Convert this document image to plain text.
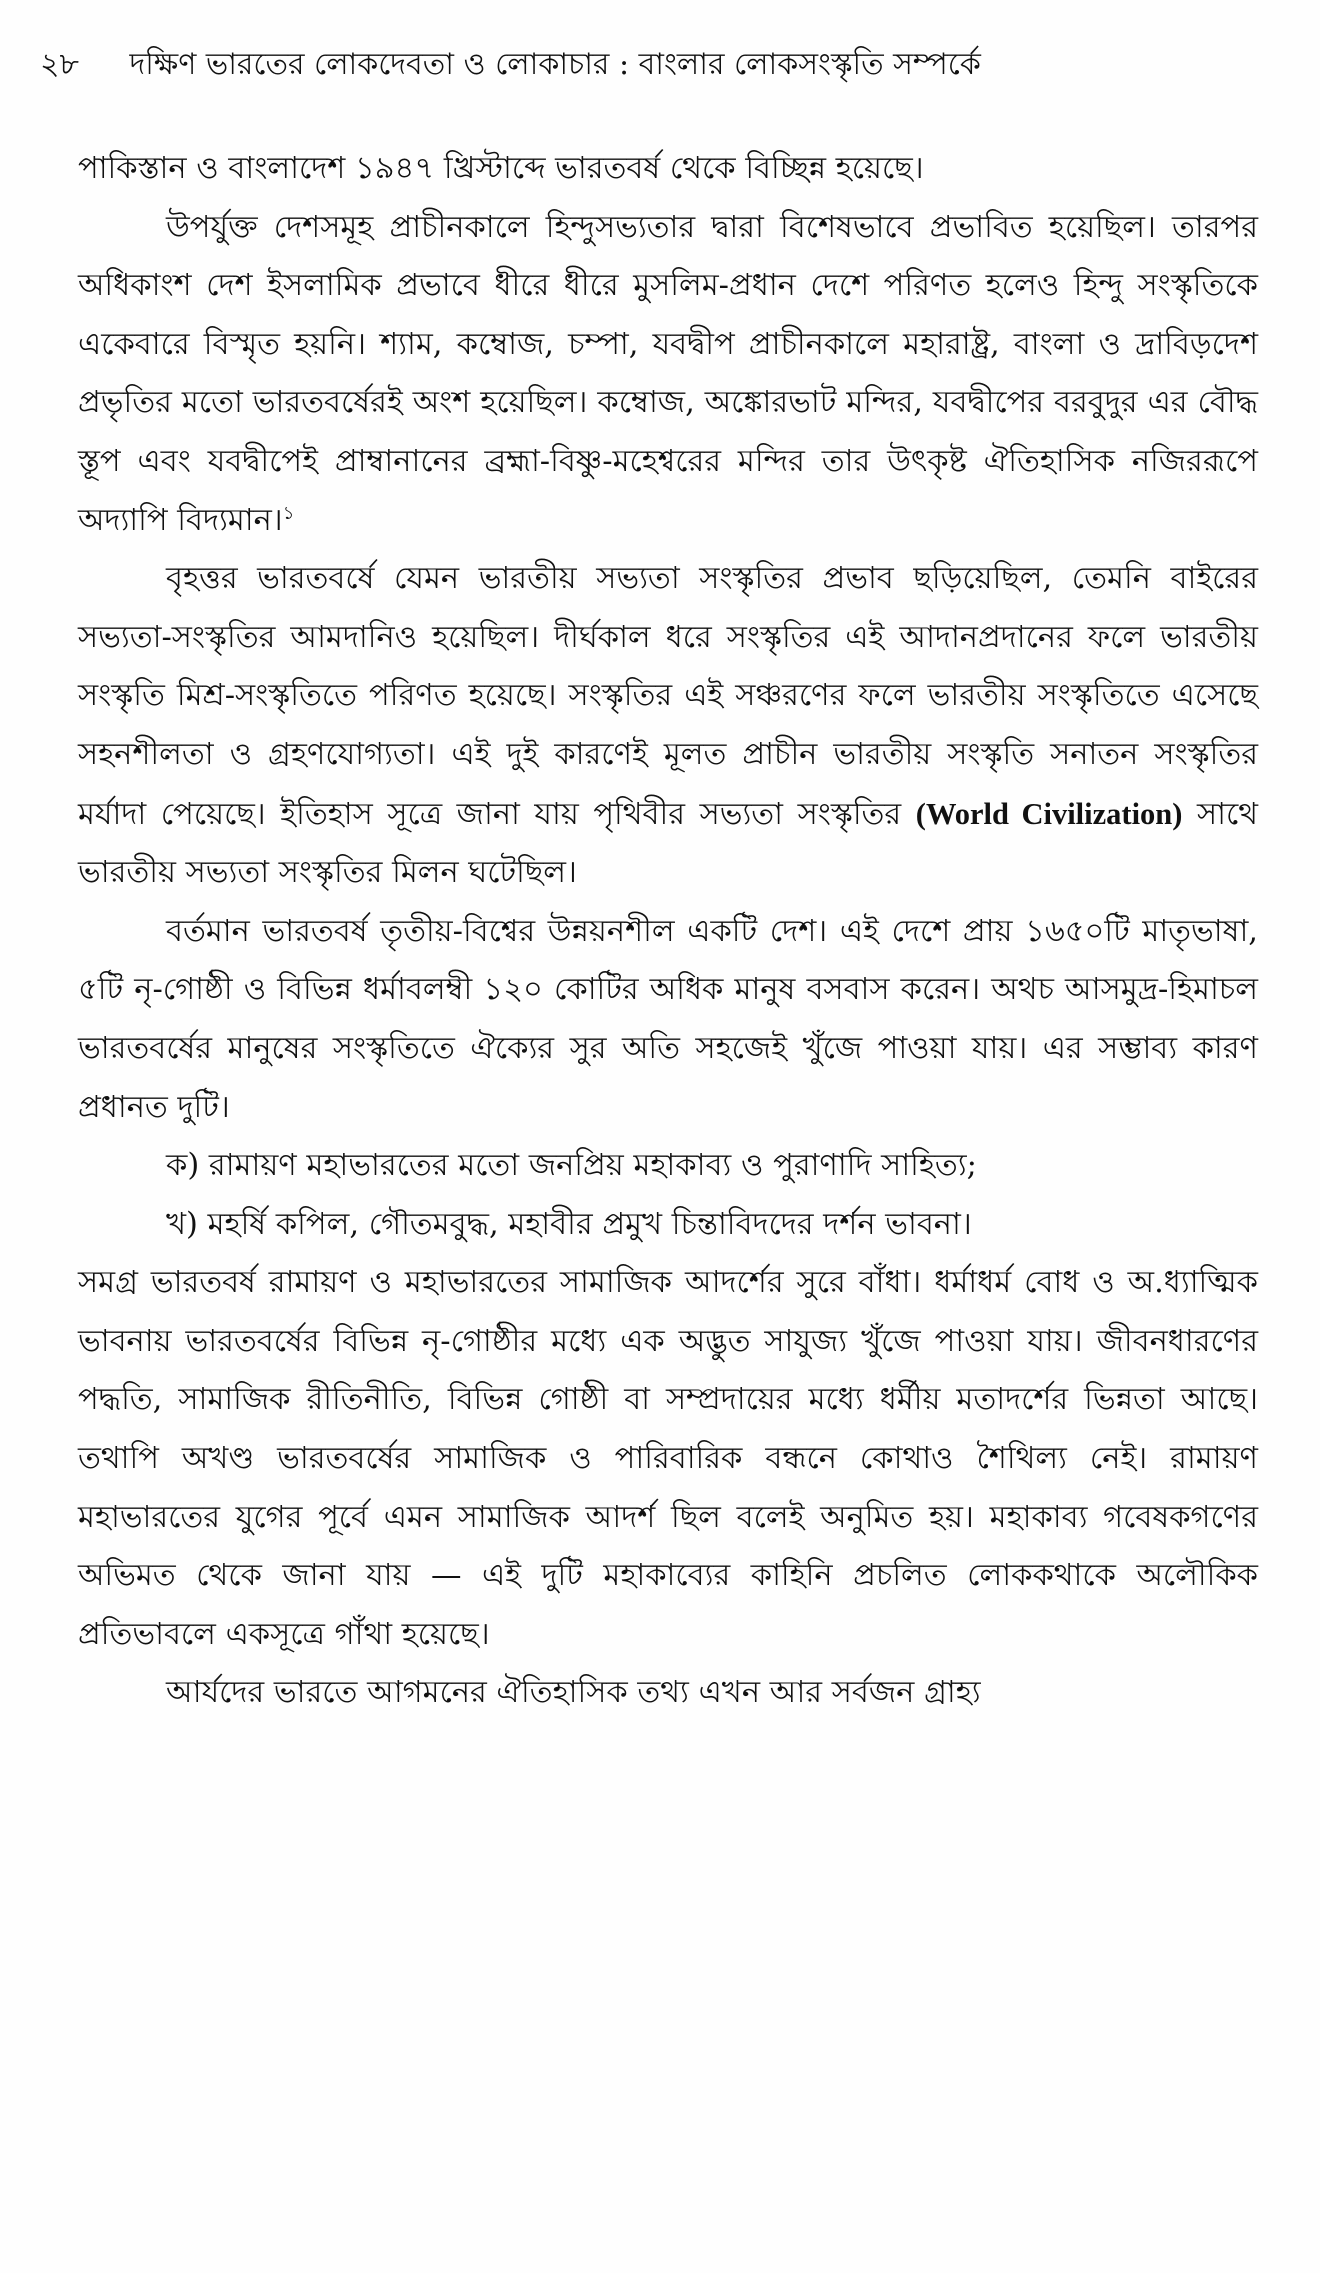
২৮ দক্ষিণ ভারতের লোকদেবতা ও লোকাচার : বাংলার লোকসংস্কৃতি সম্পর্কে

পাকিস্তান ও বাংলাদেশ ১৯৪৭ খ্রিস্টাব্দে ভারতবর্ষ থেকে বিচ্ছিন্ন হয়েছে।

উপর্যুক্ত দেশসমূহ প্রাচীনকালে হিন্দুসভ্যতার দ্বারা বিশেষভাবে প্রভাবিত হয়েছিল। তারপর অধিকাংশ দেশ ইসলামিক প্রভাবে ধীরে ধীরে মুসলিম-প্রধান দেশে পরিণত হলেও হিন্দু সংস্কৃতিকে একেবারে বিস্মৃত হয়নি। শ্যাম, কম্বোজ, চম্পা, যবদ্বীপ প্রাচীনকালে মহারাষ্ট্র, বাংলা ও দ্রাবিড়দেশ প্রভৃতির মতো ভারতবর্ষেরই অংশ হয়েছিল। কম্বোজ, অঙ্কোরভাট মন্দির, যবদ্বীপের বরবুদুর এর বৌদ্ধ স্তূপ এবং যবদ্বীপেই প্রাম্বানানের ব্রহ্মা-বিষ্ণু-মহেশ্বরের মন্দির তার উৎকৃষ্ট ঐতিহাসিক নজিররূপে অদ্যাপি বিদ্যমান।$^১$

বৃহত্তর ভারতবর্ষে যেমন ভারতীয় সভ্যতা সংস্কৃতির প্রভাব ছড়িয়েছিল, তেমনি বাইরের সভ্যতা-সংস্কৃতির আমদানিও হয়েছিল। দীর্ঘকাল ধরে সংস্কৃতির এই আদানপ্রদানের ফলে ভারতীয় সংস্কৃতি মিশ্র-সংস্কৃতিতে পরিণত হয়েছে। সংস্কৃতির এই সঞ্চরণের ফলে ভারতীয় সংস্কৃতিতে এসেছে সহনশীলতা ও গ্রহণযোগ্যতা। এই দুই কারণেই মূলত প্রাচীন ভারতীয় সংস্কৃতি সনাতন সংস্কৃতির মর্যাদা পেয়েছে। ইতিহাস সূত্রে জানা যায় পৃথিবীর সভ্যতা সংস্কৃতির (World Civilization) সাথে ভারতীয় সভ্যতা সংস্কৃতির মিলন ঘটেছিল।

বর্তমান ভারতবর্ষ তৃতীয়-বিশ্বের উন্নয়নশীল একটি দেশ। এই দেশে প্রায় ১৬৫০টি মাতৃভাষা, ৫টি নৃ-গোষ্ঠী ও বিভিন্ন ধর্মাবলম্বী ১২০ কোটির অধিক মানুষ বসবাস করেন। অথচ আসমুদ্র-হিমাচল ভারতবর্ষের মানুষের সংস্কৃতিতে ঐক্যের সুর অতি সহজেই খুঁজে পাওয়া যায়। এর সম্ভাব্য কারণ প্রধানত দুটি।

ক) রামায়ণ মহাভারতের মতো জনপ্রিয় মহাকাব্য ও পুরাণাদি সাহিত্য;

খ) মহর্ষি কপিল, গৌতমবুদ্ধ, মহাবীর প্রমুখ চিন্তাবিদদের দর্শন ভাবনা।

সমগ্র ভারতবর্ষ রামায়ণ ও মহাভারতের সামাজিক আদর্শের সুরে বাঁধা। ধর্মাধর্ম বোধ ও অ.ধ্যাত্মিক ভাবনায় ভারতবর্ষের বিভিন্ন নৃ-গোষ্ঠীর মধ্যে এক অদ্ভুত সাযুজ্য খুঁজে পাওয়া যায়। জীবনধারণের পদ্ধতি, সামাজিক রীতিনীতি, বিভিন্ন গোষ্ঠী বা সম্প্রদায়ের মধ্যে ধর্মীয় মতাদর্শের ভিন্নতা আছে। তথাপি অখণ্ড ভারতবর্ষের সামাজিক ও পারিবারিক বন্ধনে কোথাও শৈথিল্য নেই। রামায়ণ মহাভারতের যুগের পূর্বে এমন সামাজিক আদর্শ ছিল বলেই অনুমিত হয়। মহাকাব্য গবেষকগণের অভিমত থেকে জানা যায় — এই দুটি মহাকাব্যের কাহিনি প্রচলিত লোককথাকে অলৌকিক প্রতিভাবলে একসূত্রে গাঁথা হয়েছে।

আর্যদের ভারতে আগমনের ঐতিহাসিক তথ্য এখন আর সর্বজন গ্রাহ্য
